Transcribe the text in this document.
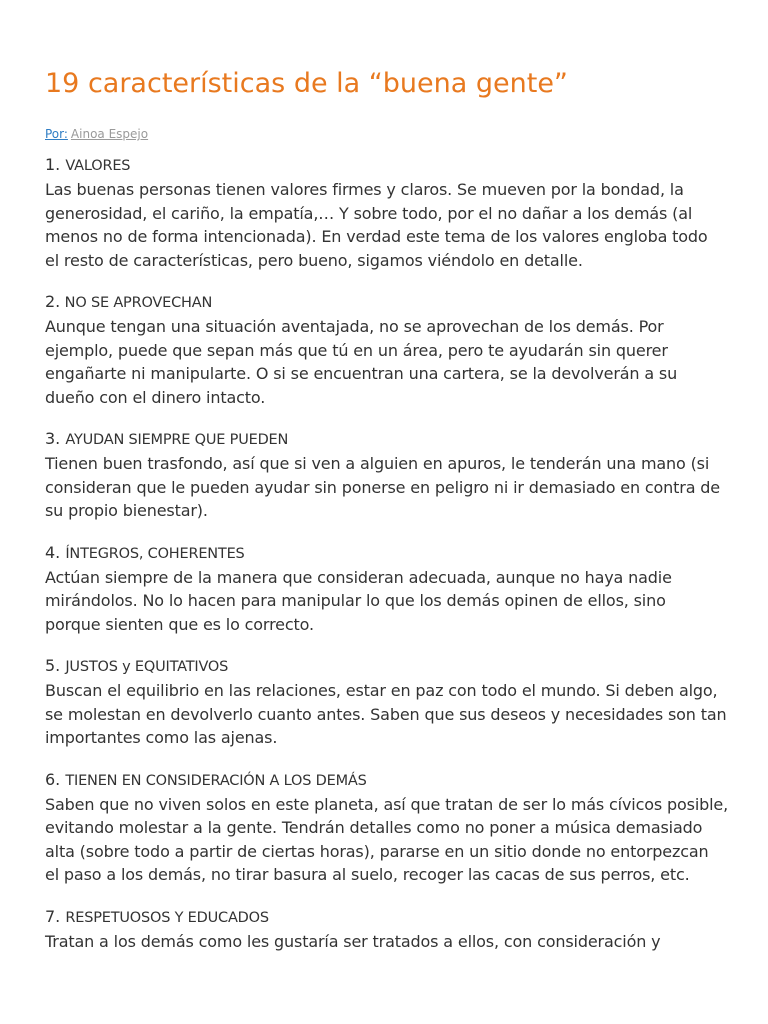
19 características de la “buena gente”
Por: Ainoa Espejo
1. VALORES
Las buenas personas tienen valores firmes y claros. Se mueven por la bondad, la
generosidad, el cariño, la empatía,… Y sobre todo, por el no dañar a los demás (al
menos no de forma intencionada). En verdad este tema de los valores engloba todo
el resto de características, pero bueno, sigamos viéndolo en detalle.
2. NO SE APROVECHAN
Aunque tengan una situación aventajada, no se aprovechan de los demás. Por
ejemplo, puede que sepan más que tú en un área, pero te ayudarán sin querer
engañarte ni manipularte. O si se encuentran una cartera, se la devolverán a su
dueño con el dinero intacto.
3. AYUDAN SIEMPRE QUE PUEDEN
Tienen buen trasfondo, así que si ven a alguien en apuros, le tenderán una mano (si
consideran que le pueden ayudar sin ponerse en peligro ni ir demasiado en contra de
su propio bienestar).
4. ÍNTEGROS, COHERENTES
Actúan siempre de la manera que consideran adecuada, aunque no haya nadie
mirándolos. No lo hacen para manipular lo que los demás opinen de ellos, sino
porque sienten que es lo correcto.
5. JUSTOS y EQUITATIVOS
Buscan el equilibrio en las relaciones, estar en paz con todo el mundo. Si deben algo,
se molestan en devolverlo cuanto antes. Saben que sus deseos y necesidades son tan
importantes como las ajenas.
6. TIENEN EN CONSIDERACIÓN A LOS DEMÁS
Saben que no viven solos en este planeta, así que tratan de ser lo más cívicos posible,
evitando molestar a la gente. Tendrán detalles como no poner a música demasiado
alta (sobre todo a partir de ciertas horas), pararse en un sitio donde no entorpezcan
el paso a los demás, no tirar basura al suelo, recoger las cacas de sus perros, etc.
7. RESPETUOSOS Y EDUCADOS
Tratan a los demás como les gustaría ser tratados a ellos, con consideración y
